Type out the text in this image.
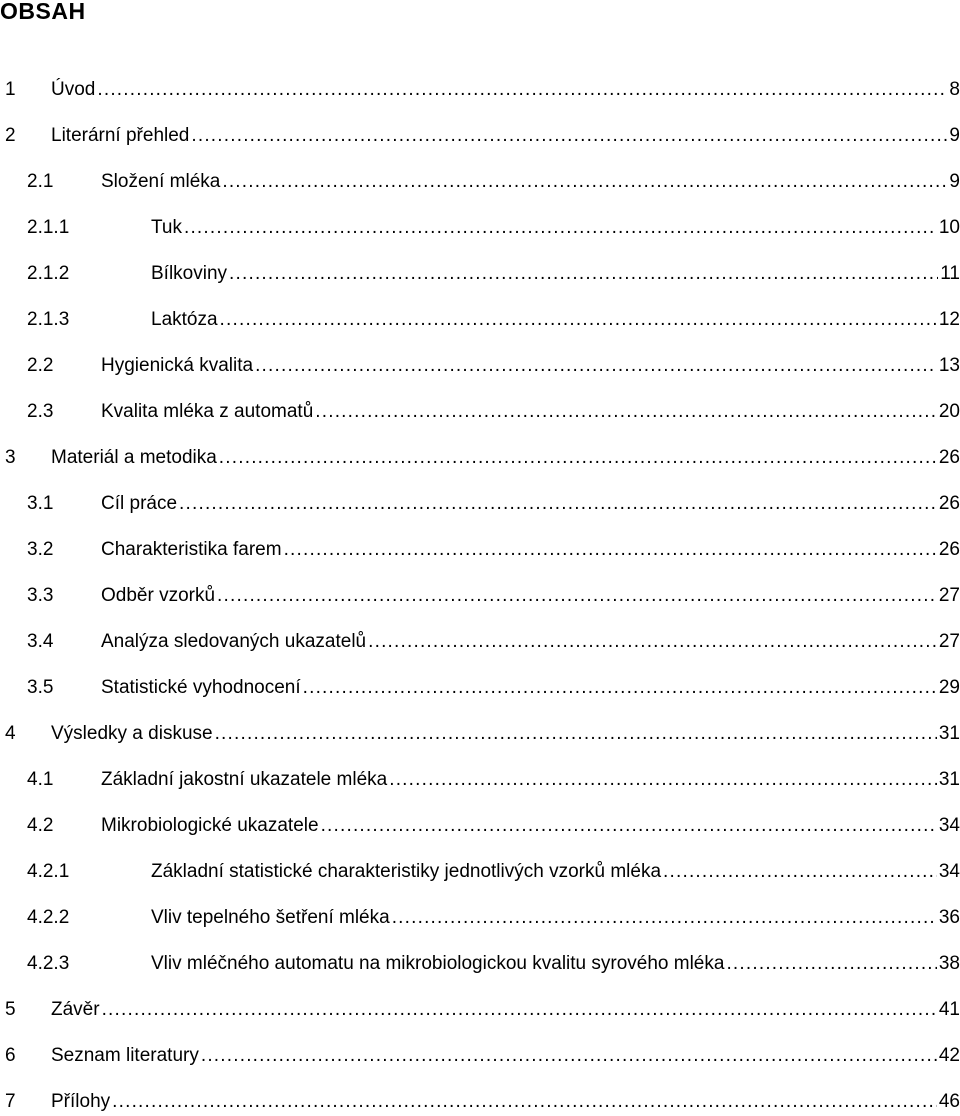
OBSAH
1	Úvod .....	8
2	Literární přehled .....	9
2.1	Složení mléka .....	9
2.1.1	Tuk .....	10
2.1.2	Bílkoviny .....	11
2.1.3	Laktóza .....	12
2.2	Hygienická kvalita .....	13
2.3	Kvalita mléka z automatů .....	20
3	Materiál a metodika .....	26
3.1	Cíl práce .....	26
3.2	Charakteristika farem .....	26
3.3	Odběr vzorků .....	27
3.4	Analýza sledovaných ukazatelů .....	27
3.5	Statistické vyhodnocení .....	29
4	Výsledky a diskuse .....	31
4.1	Základní jakostní ukazatele mléka .....	31
4.2	Mikrobiologické ukazatele .....	34
4.2.1	Základní statistické charakteristiky jednotlivých vzorků mléka .....	34
4.2.2	Vliv tepelného šetření mléka .....	36
4.2.3	Vliv mléčného automatu na mikrobiologickou kvalitu syrového mléka .....	38
5	Závěr .....	41
6	Seznam literatury .....	42
7	Přílohy .....	46
